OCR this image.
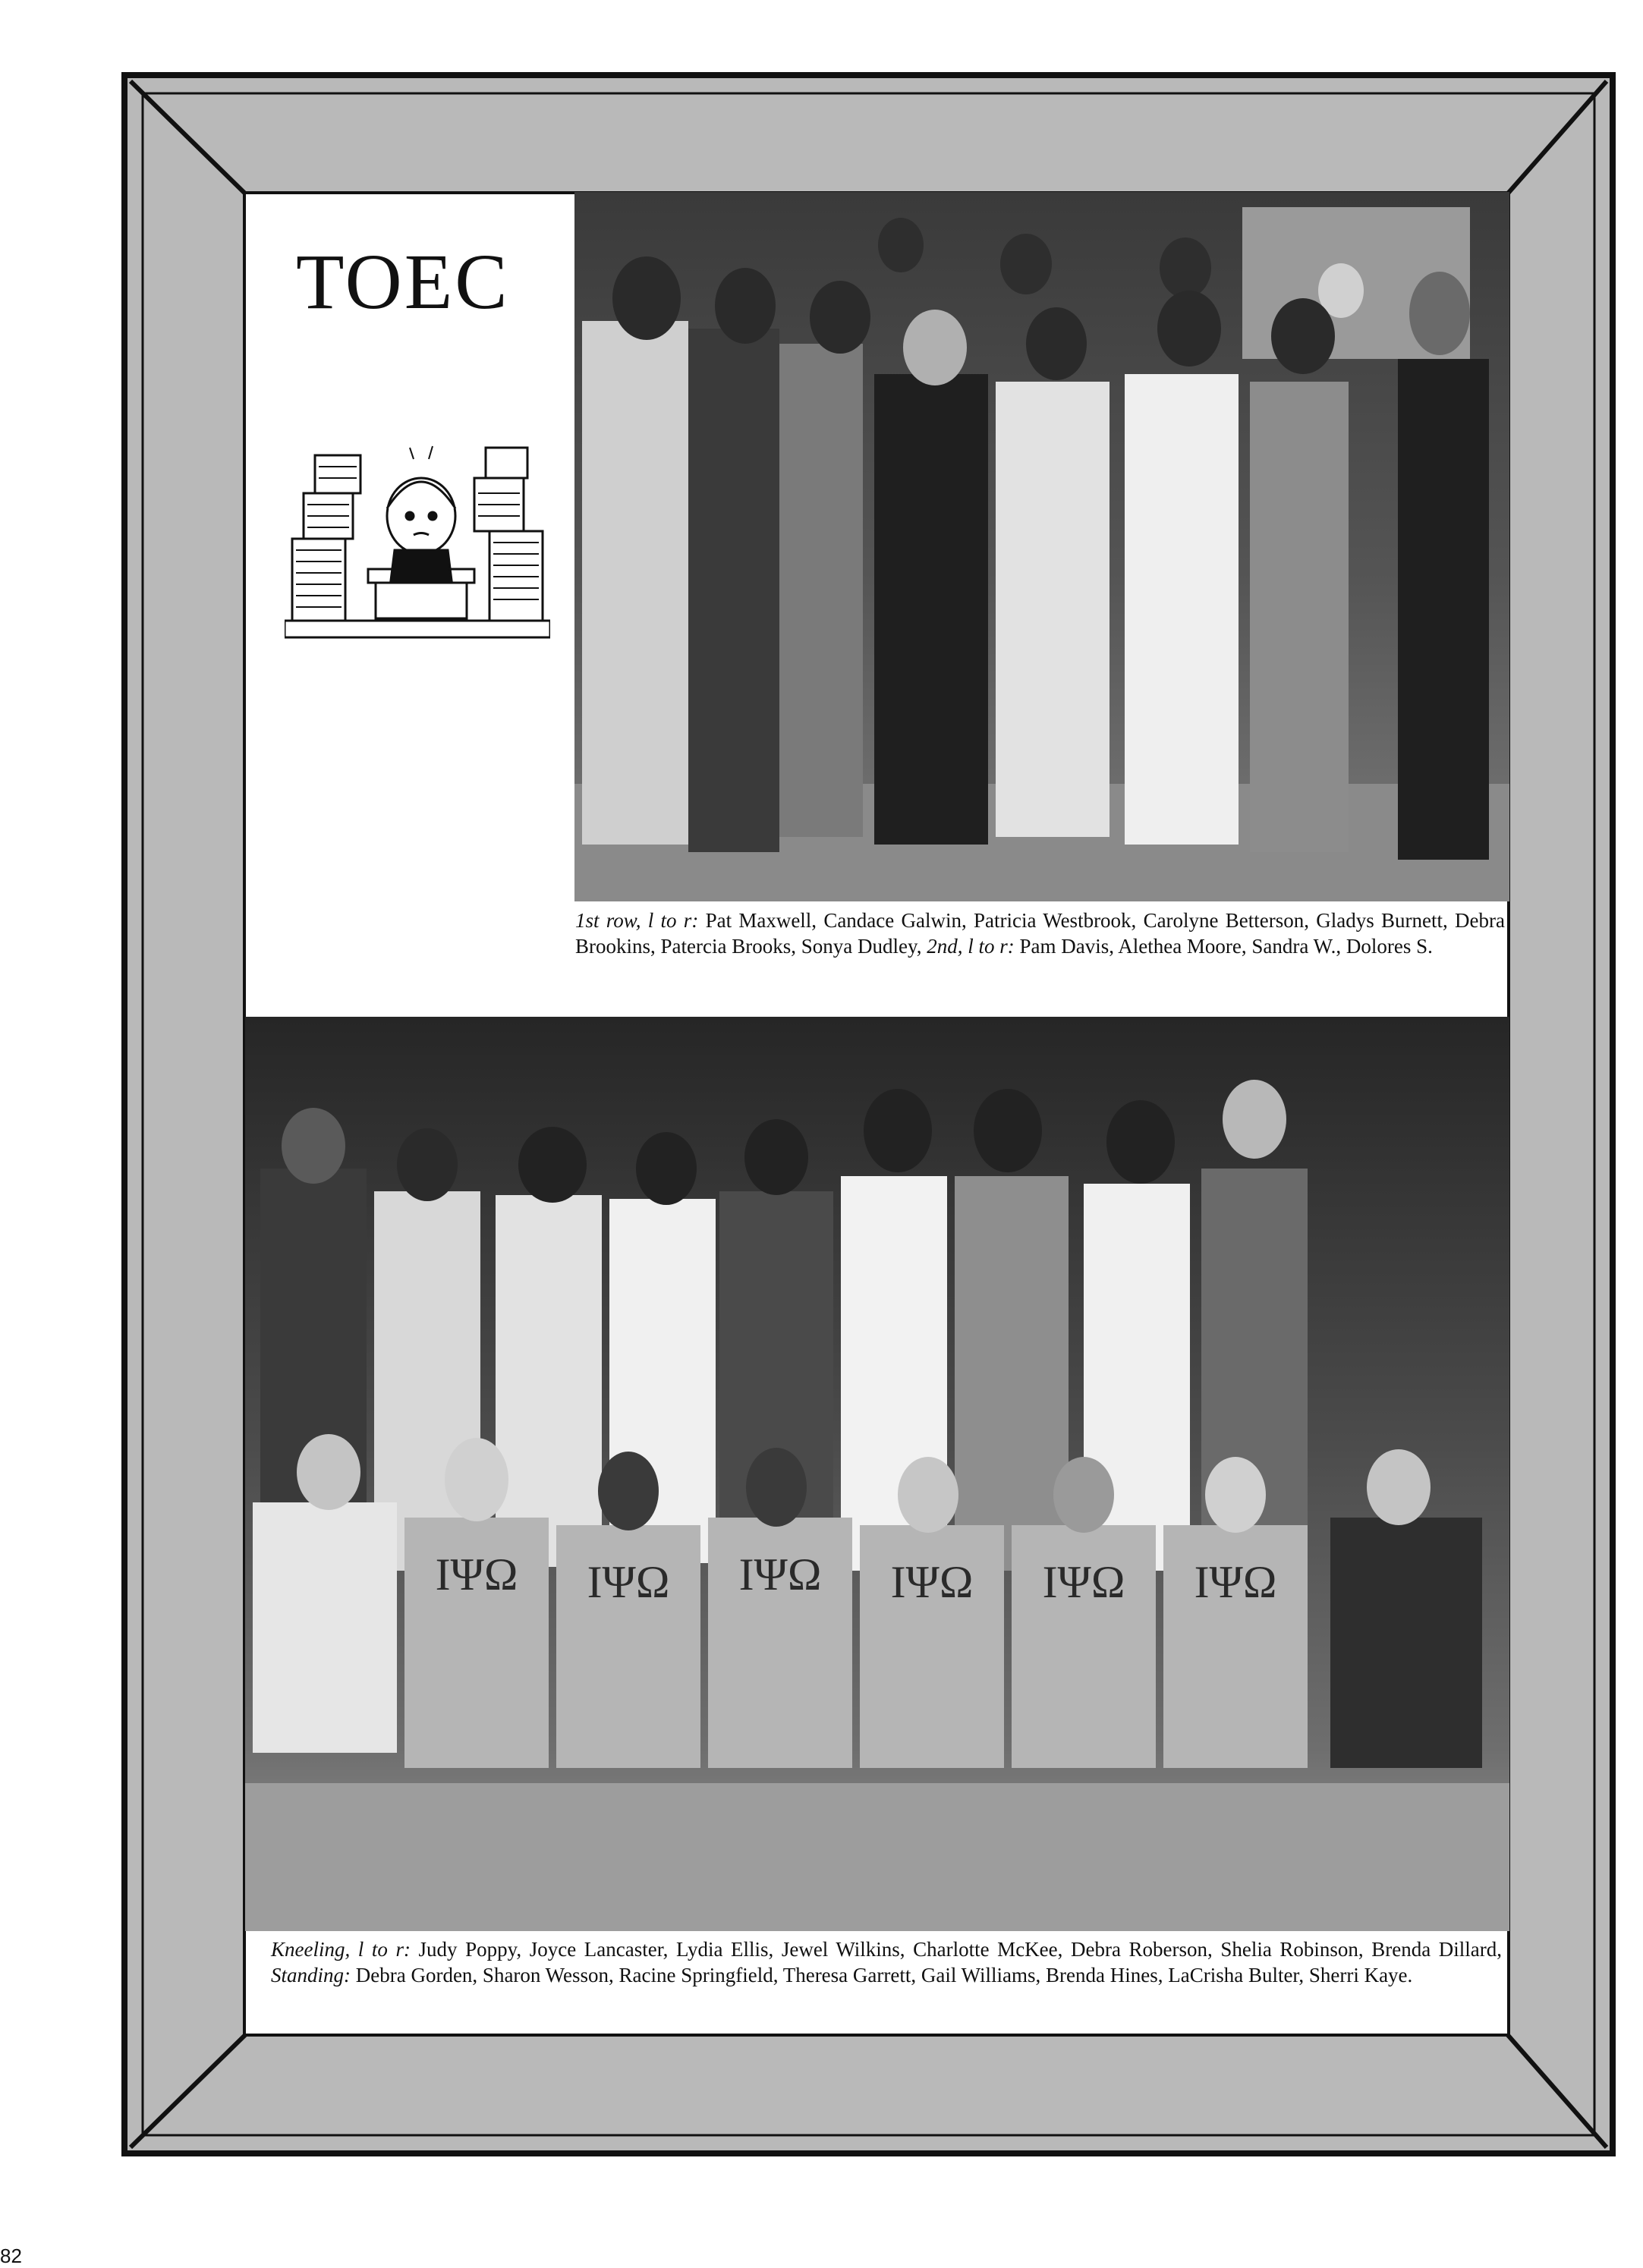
TOEC

1st row, l to r: Pat Maxwell, Candace Galwin, Patricia Westbrook, Carolyne Betterson, Gladys Burnett, Debra Brookins, Patercia Brooks, Sonya Dudley, 2nd, l to r: Pam Davis, Alethea Moore, Sandra W., Dolores S.

ΙΨΩ ΙΨΩ ΙΨΩ ΙΨΩ ΙΨΩ ΙΨΩ

Kneeling, l to r: Judy Poppy, Joyce Lancaster, Lydia Ellis, Jewel Wilkins, Charlotte McKee, Debra Roberson, Shelia Robinson, Brenda Dillard, Standing: Debra Gorden, Sharon Wesson, Racine Springfield, Theresa Garrett, Gail Williams, Brenda Hines, LaCrisha Bulter, Sherri Kaye.

82
